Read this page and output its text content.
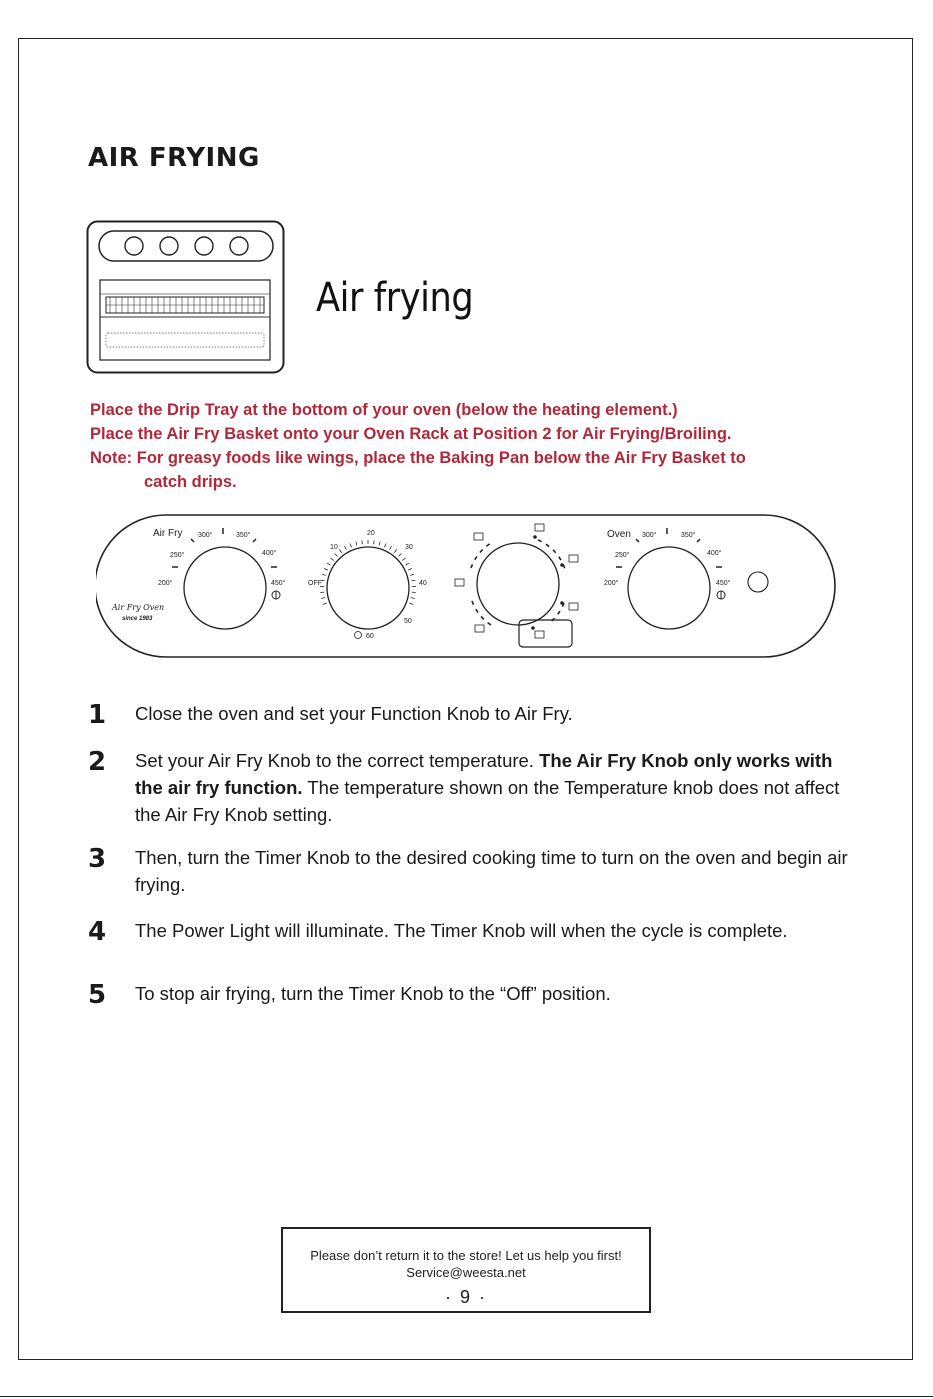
AIR FRYING
Air frying
Place the Drip Tray at the bottom of your oven (below the heating element.)
Place the Air Fry Basket onto your Oven Rack at Position 2 for Air Frying/Broiling.
Note: For greasy foods like wings, place the Baking Pan below the Air Fry Basket to
catch drips.
Air Fry
200°
250°
300°	350°
400°
450°
Air Fry Oven
since 1983
OFF
10
20
30
40
50
60
Oven
200°
250°
300°	350°
400°
450°
1 Close the oven and set your Function Knob to Air Fry.
2 Set your Air Fry Knob to the correct temperature. The Air Fry Knob only works with the air fry function. The temperature shown on the Temperature knob does not affect the Air Fry Knob setting.
3 Then, turn the Timer Knob to the desired cooking time to turn on the oven and begin air frying.
4 The Power Light will illuminate. The Timer Knob will when the cycle is complete.
5 To stop air frying, turn the Timer Knob to the “Off” position.
Please don’t return it to the store! Let us help you first!
Service@weesta.net
· 9 ·
